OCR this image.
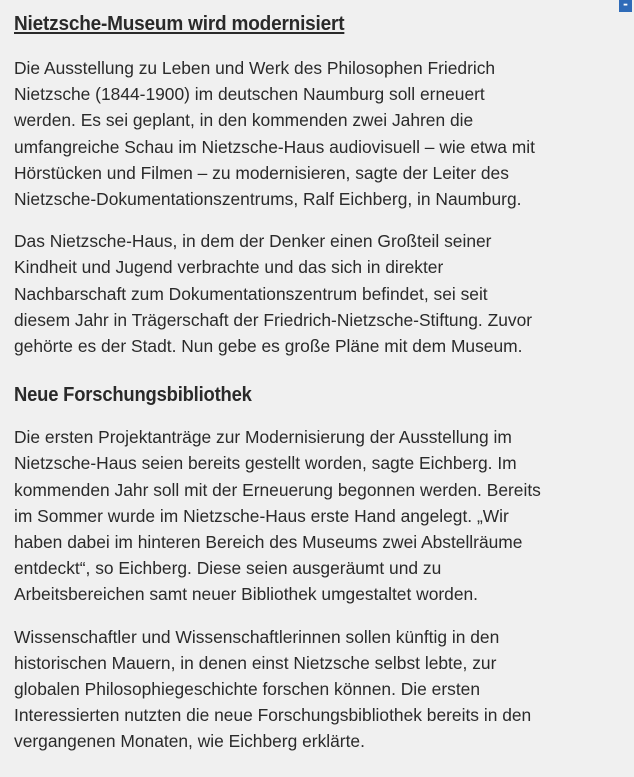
-
Nietzsche-Museum wird modernisiert

Die Ausstellung zu Leben und Werk des Philosophen Friedrich
Nietzsche (1844-1900) im deutschen Naumburg soll erneuert
werden. Es sei geplant, in den kommenden zwei Jahren die
umfangreiche Schau im Nietzsche-Haus audiovisuell – wie etwa mit
Hörstücken und Filmen – zu modernisieren, sagte der Leiter des
Nietzsche-Dokumentationszentrums, Ralf Eichberg, in Naumburg.

Das Nietzsche-Haus, in dem der Denker einen Großteil seiner
Kindheit und Jugend verbrachte und das sich in direkter
Nachbarschaft zum Dokumentationszentrum befindet, sei seit
diesem Jahr in Trägerschaft der Friedrich-Nietzsche-Stiftung. Zuvor
gehörte es der Stadt. Nun gebe es große Pläne mit dem Museum.

Neue Forschungsbibliothek

Die ersten Projektanträge zur Modernisierung der Ausstellung im
Nietzsche-Haus seien bereits gestellt worden, sagte Eichberg. Im
kommenden Jahr soll mit der Erneuerung begonnen werden. Bereits
im Sommer wurde im Nietzsche-Haus erste Hand angelegt. „Wir
haben dabei im hinteren Bereich des Museums zwei Abstellräume
entdeckt“, so Eichberg. Diese seien ausgeräumt und zu
Arbeitsbereichen samt neuer Bibliothek umgestaltet worden.

Wissenschaftler und Wissenschaftlerinnen sollen künftig in den
historischen Mauern, in denen einst Nietzsche selbst lebte, zur
globalen Philosophiegeschichte forschen können. Die ersten
Interessierten nutzten die neue Forschungsbibliothek bereits in den
vergangenen Monaten, wie Eichberg erklärte.
